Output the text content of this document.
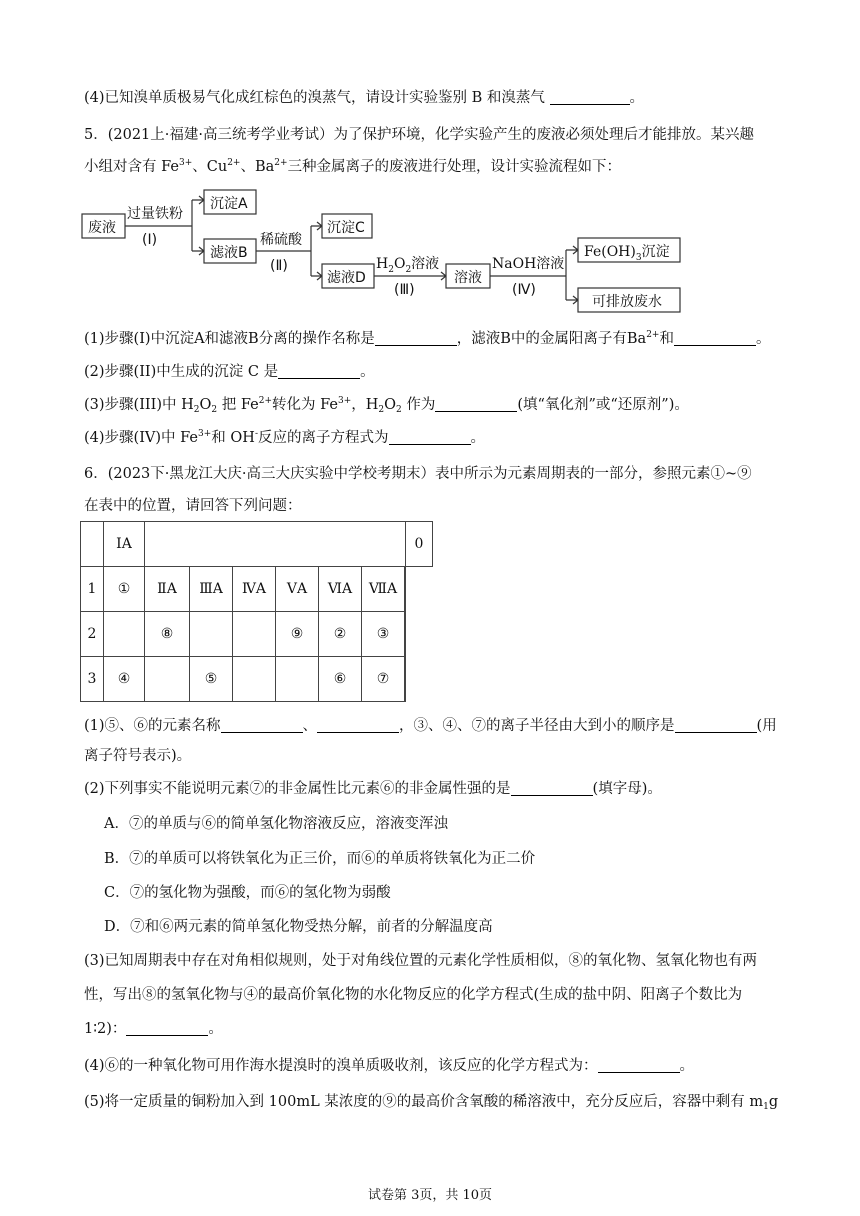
(4)已知溴单质极易气化成红棕色的溴蒸气，请设计实验鉴别 B 和溴蒸气	。
5．(2021上·福建·高三统考学业考试）为了保护环境，化学实验产生的废液必须处理后才能排放。某兴趣
小组对含有 $Fe^{3+}$、$Cu^{2+}$、$Ba^{2+}$三种金属离子的废液进行处理，设计实验流程如下：
废液
过量铁粉
(Ⅰ)
沉淀A
滤液B
稀硫酸
(Ⅱ)
沉淀C
滤液D
$H_2O_2$溶液
(Ⅲ)
溶液
NaOH溶液
(Ⅳ)
$Fe(OH)_3$沉淀
可排放废水
(1)步骤(I)中沉淀A和滤液B分离的操作名称是	，滤液B中的金属阳离子有$Ba^{2+}$和	。
(2)步骤(II)中生成的沉淀 C 是	。
(3)步骤(III)中 $H_2O_2$ 把 $Fe^{2+}$转化为 $Fe^{3+}$，$H_2O_2$ 作为	(填“氧化剂”或“还原剂”)。
(4)步骤(IV)中 $Fe^{3+}$和 OH-反应的离子方程式为	。
6．(2023下·黑龙江大庆·高三大庆实验中学校考期末）表中所示为元素周期表的一部分，参照元素①~⑨
在表中的位置，请回答下列问题：
	ⅠA							0
1	①	ⅡA	ⅢA	ⅣA	ⅤA	ⅥA	ⅦA	
2		⑧			⑨	②	③	
3	④		⑤			⑥	⑦	
(1)⑤、⑥的元素名称	、	，③、④、⑦的离子半径由大到小的顺序是	(用
离子符号表示)。
(2)下列事实不能说明元素⑦的非金属性比元素⑥的非金属性强的是	(填字母)。
A．⑦的单质与⑥的简单氢化物溶液反应，溶液变浑浊
B．⑦的单质可以将铁氧化为正三价，而⑥的单质将铁氧化为正二价
C．⑦的氢化物为强酸，而⑥的氢化物为弱酸
D．⑦和⑥两元素的简单氢化物受热分解，前者的分解温度高
(3)已知周期表中存在对角相似规则，处于对角线位置的元素化学性质相似，⑧的氧化物、氢氧化物也有两
性，写出⑧的氢氧化物与④的最高价氧化物的水化物反应的化学方程式(生成的盐中阴、阳离子个数比为
1∶2)：	。
(4)⑥的一种氧化物可用作海水提溴时的溴单质吸收剂，该反应的化学方程式为：	。
(5)将一定质量的铜粉加入到 100mL 某浓度的⑨的最高价含氧酸的稀溶液中，充分反应后，容器中剩有 $m_1g$
试卷第 3页，共 10页
